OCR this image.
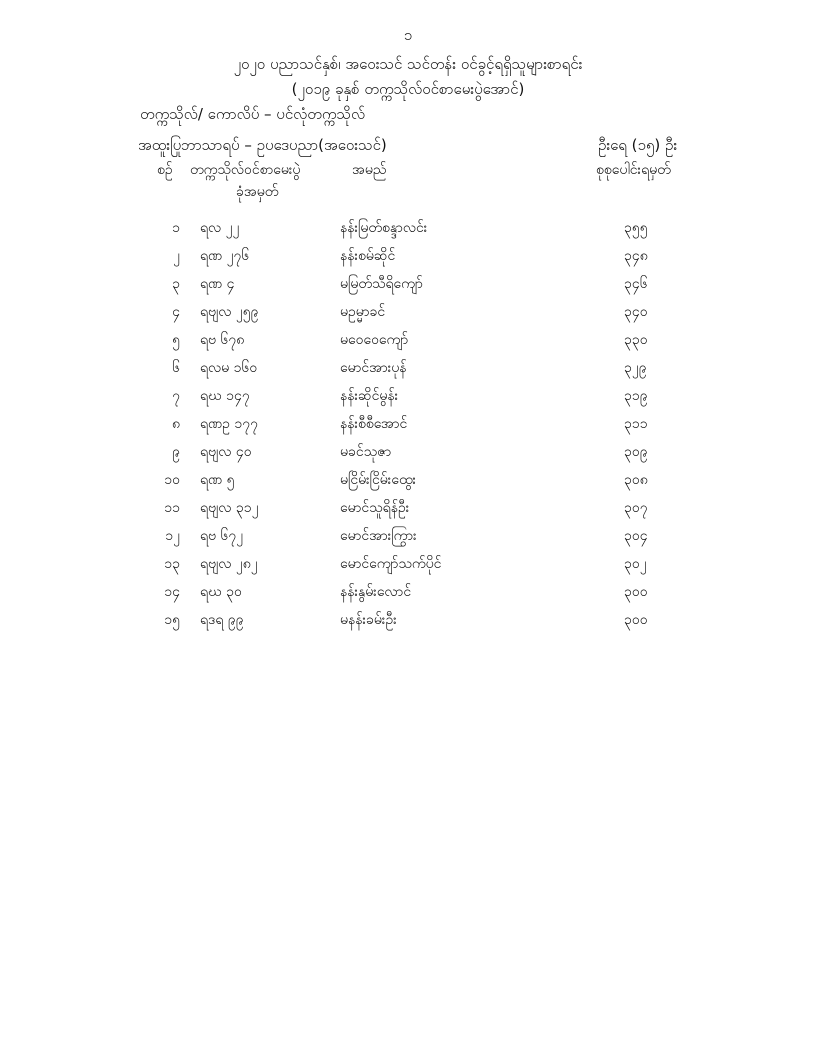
၁
၂၀၂၀ ပညာသင်နှစ်၊ အဝေးသင် သင်တန်း ဝင်ခွင့်ရရှိသူများစာရင်း
(၂၀၁၉ ခုနှစ် တက္ကသိုလ်ဝင်စာမေးပွဲအောင်)
တက္ကသိုလ်/ ကောလိပ် – ပင်လုံတက္ကသိုလ်
အထူးပြုဘာသာရပ် – ဥပဒေပညာ(အဝေးသင်)	ဦးရေ (၁၅) ဦး
စဉ် တက္ကသိုလ်ဝင်စာမေးပွဲ
ခုံအမှတ်
အမည်	စုစုပေါင်းရမှတ်
၁ ရလ ၂၂	နန်းမြတ်စန္ဒာလင်း	၃၅၅
၂ ရဏ ၂၇၆	နန်းစမ်ဆိုင်	၃၄၈
၃ ရဏ ၄	မမြတ်သီရိကျော်	၃၄၆
၄ ရဗျလ ၂၅၉	မဥမ္မာခင်	၃၄၀
၅ ရဗ ၆၇၈	မဝေဝေကျော်	၃၃၀
၆ ရလမ ၁၆၀	မောင်အားပုန်	၃၂၉
၇ ရဃ ၁၄၇	နန်းဆိုင်မွန်း	၃၁၉
၈ ရဏဥ ၁၇၇	နန်းစီစီအောင်	၃၁၁
၉ ရဗျလ ၄၀	မခင်သုဇာ	၃၀၉
၁၀ ရဏ ၅	မငြိမ်းငြိမ်းထွေး	၃၀၈
၁၁ ရဗျလ ၃၁၂	မောင်သူရိန်ဦး	၃၀၇
၁၂ ရဗ ၆၇၂	မောင်အားကြွား	၃၀၄
၁၃ ရဗျလ ၂၈၂	မောင်ကျော်သက်ပိုင်	၃၀၂
၁၄ ရဃ ၃၀	နန်းနွမ်းလောင်	၃၀၀
၁၅ ရဒရ ၉၉	မနန်းခမ်းဦး	၃၀၀
